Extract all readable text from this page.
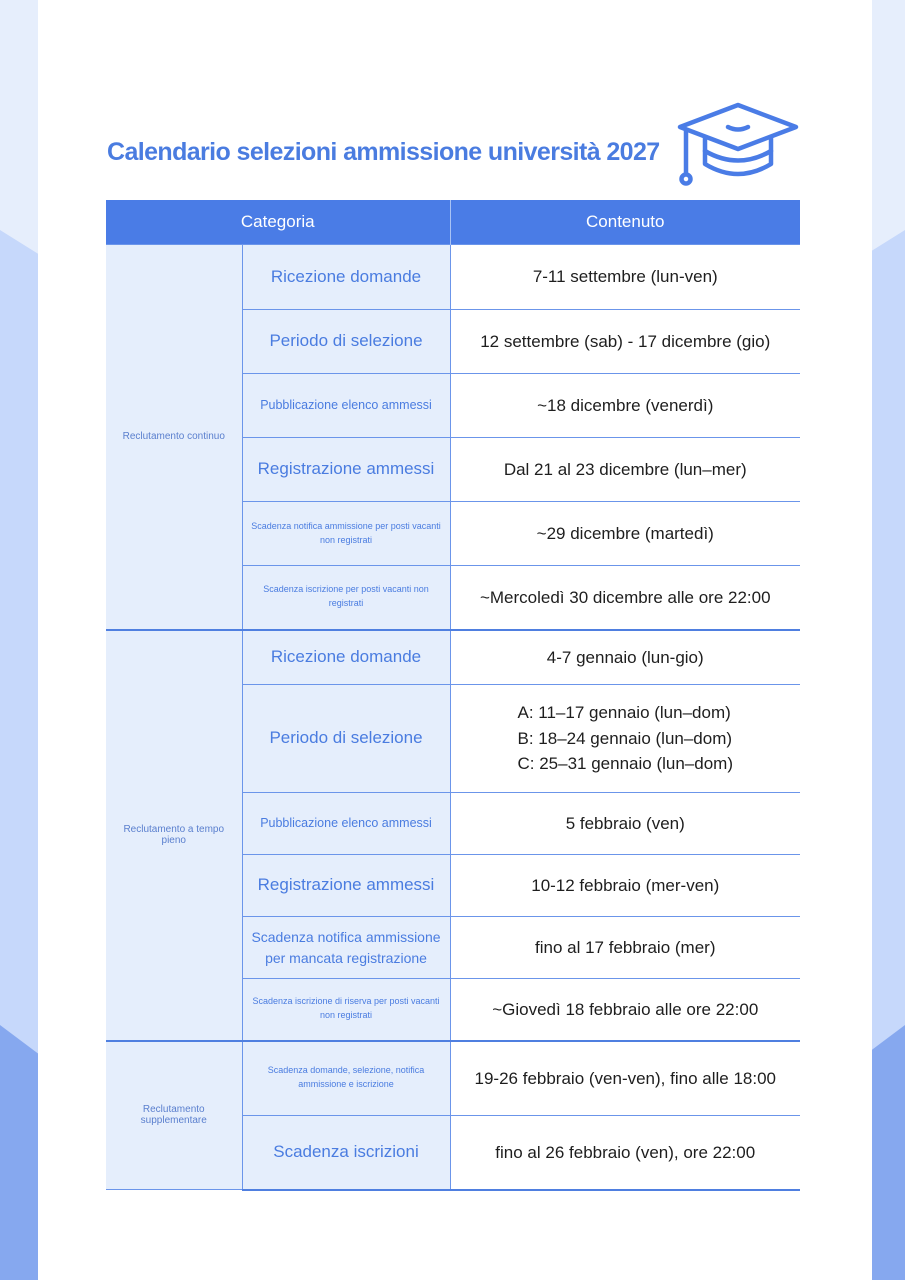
Calendario selezioni ammissione università 2027
Categoria		Contenuto
Reclutamento continuo	Ricezione domande	7-11 settembre (lun-ven)
	Periodo di selezione	12 settembre (sab) - 17 dicembre (gio)
	Pubblicazione elenco ammessi	~18 dicembre (venerdì)
	Registrazione ammessi	Dal 21 al 23 dicembre (lun–mer)
	Scadenza notifica ammissione per posti vacanti non registrati	~29 dicembre (martedì)
	Scadenza iscrizione per posti vacanti non registrati	~Mercoledì 30 dicembre alle ore 22:00
Reclutamento a tempo pieno	Ricezione domande	4-7 gennaio (lun-gio)
	Periodo di selezione	A: 11–17 gennaio (lun–dom)
B: 18–24 gennaio (lun–dom)
C: 25–31 gennaio (lun–dom)

	Pubblicazione elenco ammessi	5 febbraio (ven)
	Registrazione ammessi	10-12 febbraio (mer-ven)
	Scadenza notifica ammissione per mancata registrazione	fino al 17 febbraio (mer)
	Scadenza iscrizione di riserva per posti vacanti non registrati	~Giovedì 18 febbraio alle ore 22:00
Reclutamento supplementare	Scadenza domande, selezione, notifica ammissione e iscrizione	19-26 febbraio (ven-ven), fino alle 18:00
	Scadenza iscrizioni	fino al 26 febbraio (ven), ore 22:00
